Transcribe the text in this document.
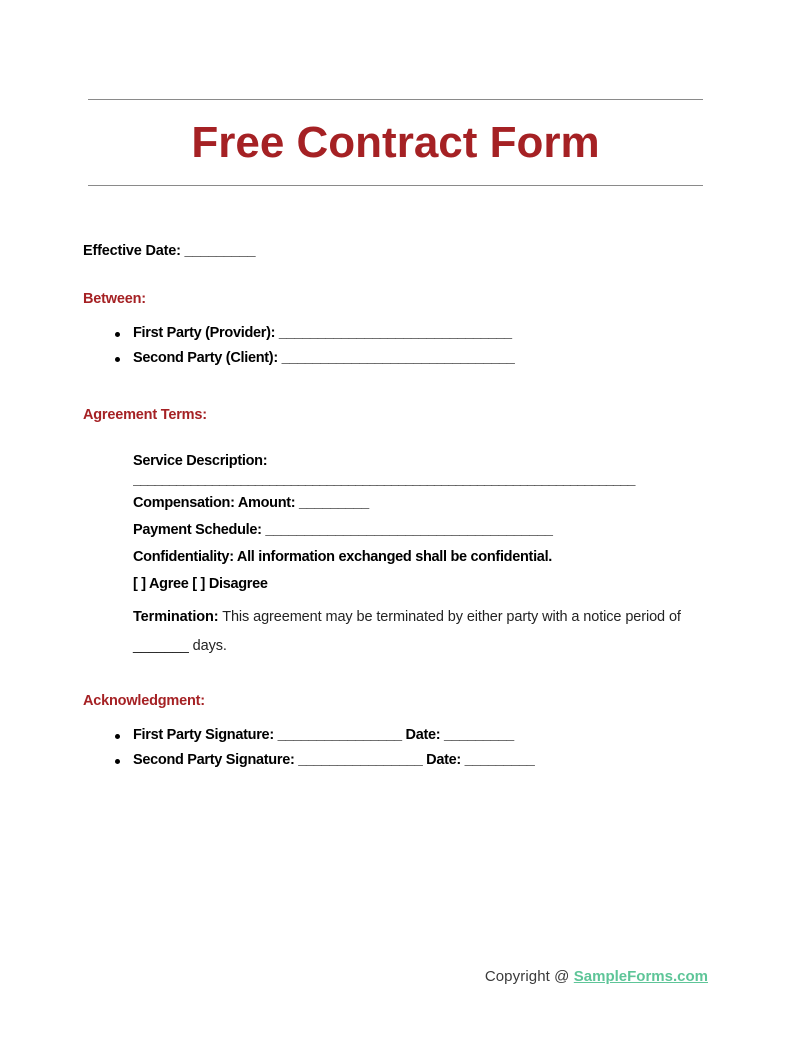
Free Contract Form

Effective Date: _________

Between:
First Party (Provider): ______________________________
Second Party (Client): ______________________________
Agreement Terms:

Service Description:

______________________________________________________________________

Compensation: Amount: _________

Payment Schedule: _____________________________________

Confidentiality: All information exchanged shall be confidential.

[ ] Agree [ ] Disagree

Termination: This agreement may be terminated by either party with a notice period of _______ days.

Acknowledgment:
First Party Signature: ________________ Date: _________
Second Party Signature: ________________ Date: _________
Copyright @ SampleForms.com
